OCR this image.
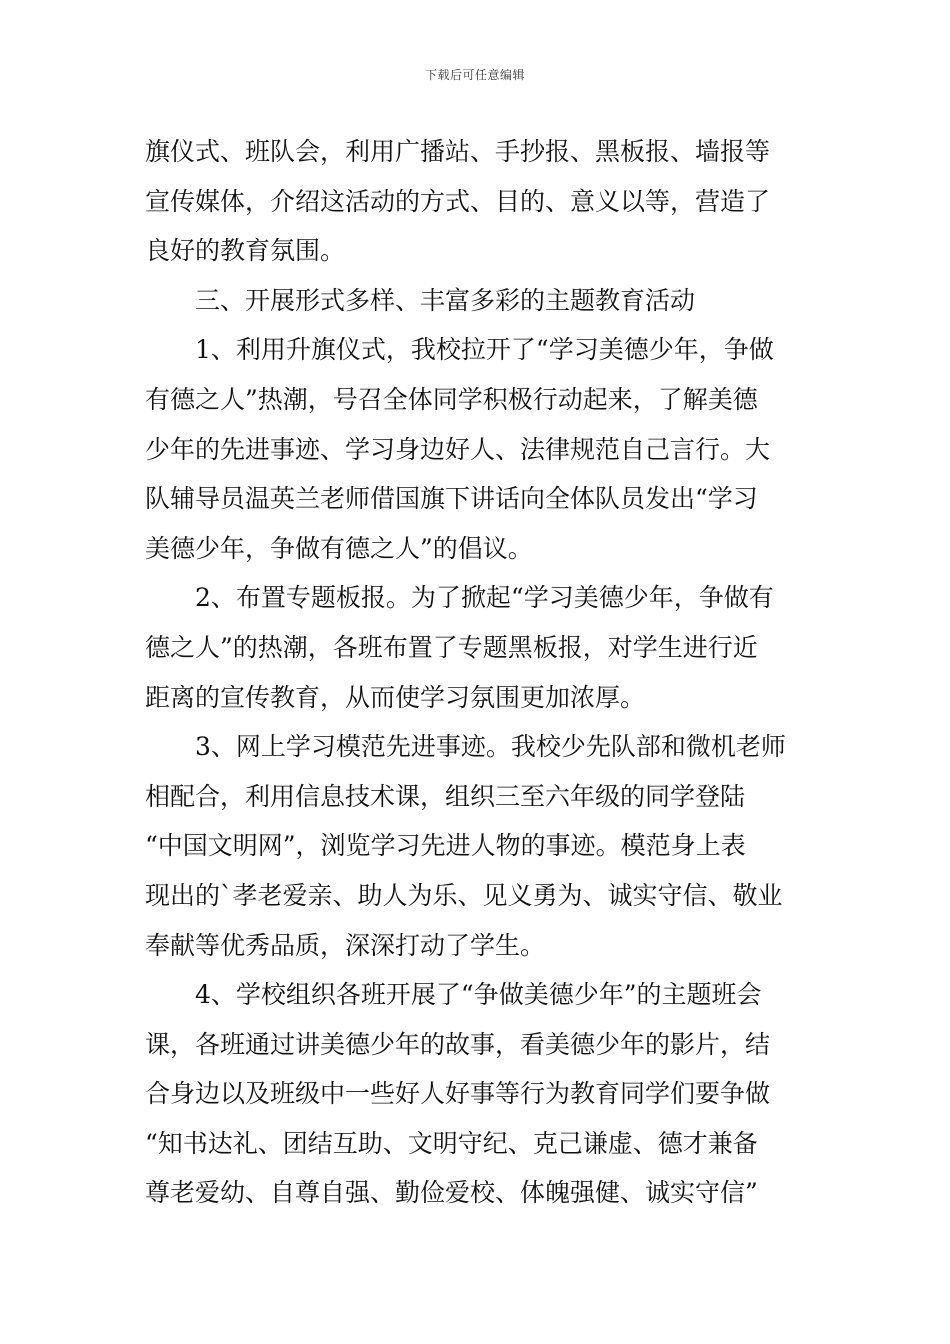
下载后可任意编辑
旗仪式、班队会，利用广播站、手抄报、黑板报、墙报等
宣传媒体，介绍这活动的方式、目的、意义以等，营造了
良好的教育氛围。
三、开展形式多样、丰富多彩的主题教育活动
1、利用升旗仪式，我校拉开了“学习美德少年，争做
有德之人”热潮，号召全体同学积极行动起来，了解美德
少年的先进事迹、学习身边好人、法律规范自己言行。大
队辅导员温英兰老师借国旗下讲话向全体队员发出“学习
美德少年，争做有德之人”的倡议。
2、布置专题板报。为了掀起“学习美德少年，争做有
德之人”的热潮，各班布置了专题黑板报，对学生进行近
距离的宣传教育，从而使学习氛围更加浓厚。
3、网上学习模范先进事迹。我校少先队部和微机老师
相配合，利用信息技术课，组织三至六年级的同学登陆
“中国文明网”，浏览学习先进人物的事迹。模范身上表
现出的`孝老爱亲、助人为乐、见义勇为、诚实守信、敬业
奉献等优秀品质，深深打动了学生。
4、学校组织各班开展了“争做美德少年”的主题班会
课，各班通过讲美德少年的故事，看美德少年的影片，结
合身边以及班级中一些好人好事等行为教育同学们要争做
“知书达礼、团结互助、文明守纪、克己谦虚、德才兼备
尊老爱幼、自尊自强、勤俭爱校、体魄强健、诚实守信”
